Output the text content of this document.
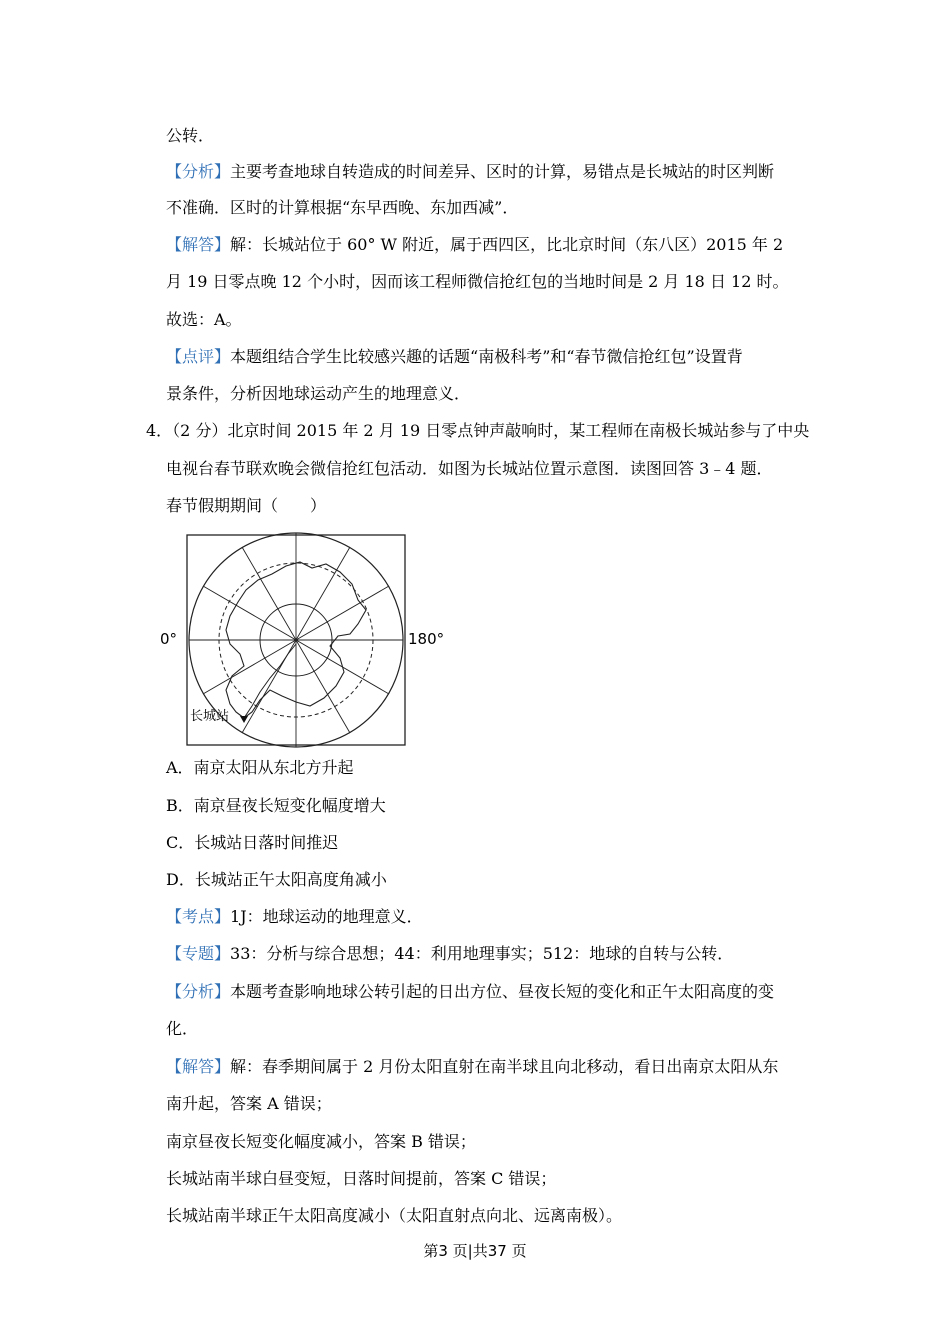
公转．
【分析】主要考查地球自转造成的时间差异、区时的计算，易错点是长城站的时区判断
不准确．区时的计算根据“东早西晚、东加西减”．
【解答】解：长城站位于 60° W 附近，属于西四区，比北京时间（东八区）2015 年 2
月 19 日零点晚 12 个小时，因而该工程师微信抢红包的当地时间是 2 月 18 日 12 时。
故选：A。
【点评】本题组结合学生比较感兴趣的话题“南极科考”和“春节微信抢红包”设置背
景条件，分析因地球运动产生的地理意义．
4．（2 分）北京时间 2015 年 2 月 19 日零点钟声敲响时，某工程师在南极长城站参与了中央
电视台春节联欢晚会微信抢红包活动．如图为长城站位置示意图．读图回答 3﹣4 题．
春节假期期间（　　）
0°	180°
长城站
A．南京太阳从东北方升起
B．南京昼夜长短变化幅度增大
C．长城站日落时间推迟
D．长城站正午太阳高度角减小
【考点】1J：地球运动的地理意义．
【专题】33：分析与综合思想；44：利用地理事实；512：地球的自转与公转．
【分析】本题考查影响地球公转引起的日出方位、昼夜长短的变化和正午太阳高度的变
化．
【解答】解：春季期间属于 2 月份太阳直射在南半球且向北移动，看日出南京太阳从东
南升起，答案 A 错误；
南京昼夜长短变化幅度减小，答案 B 错误；
长城站南半球白昼变短，日落时间提前，答案 C 错误；
长城站南半球正午太阳高度减小（太阳直射点向北、远离南极）。
第3 页|共37 页
